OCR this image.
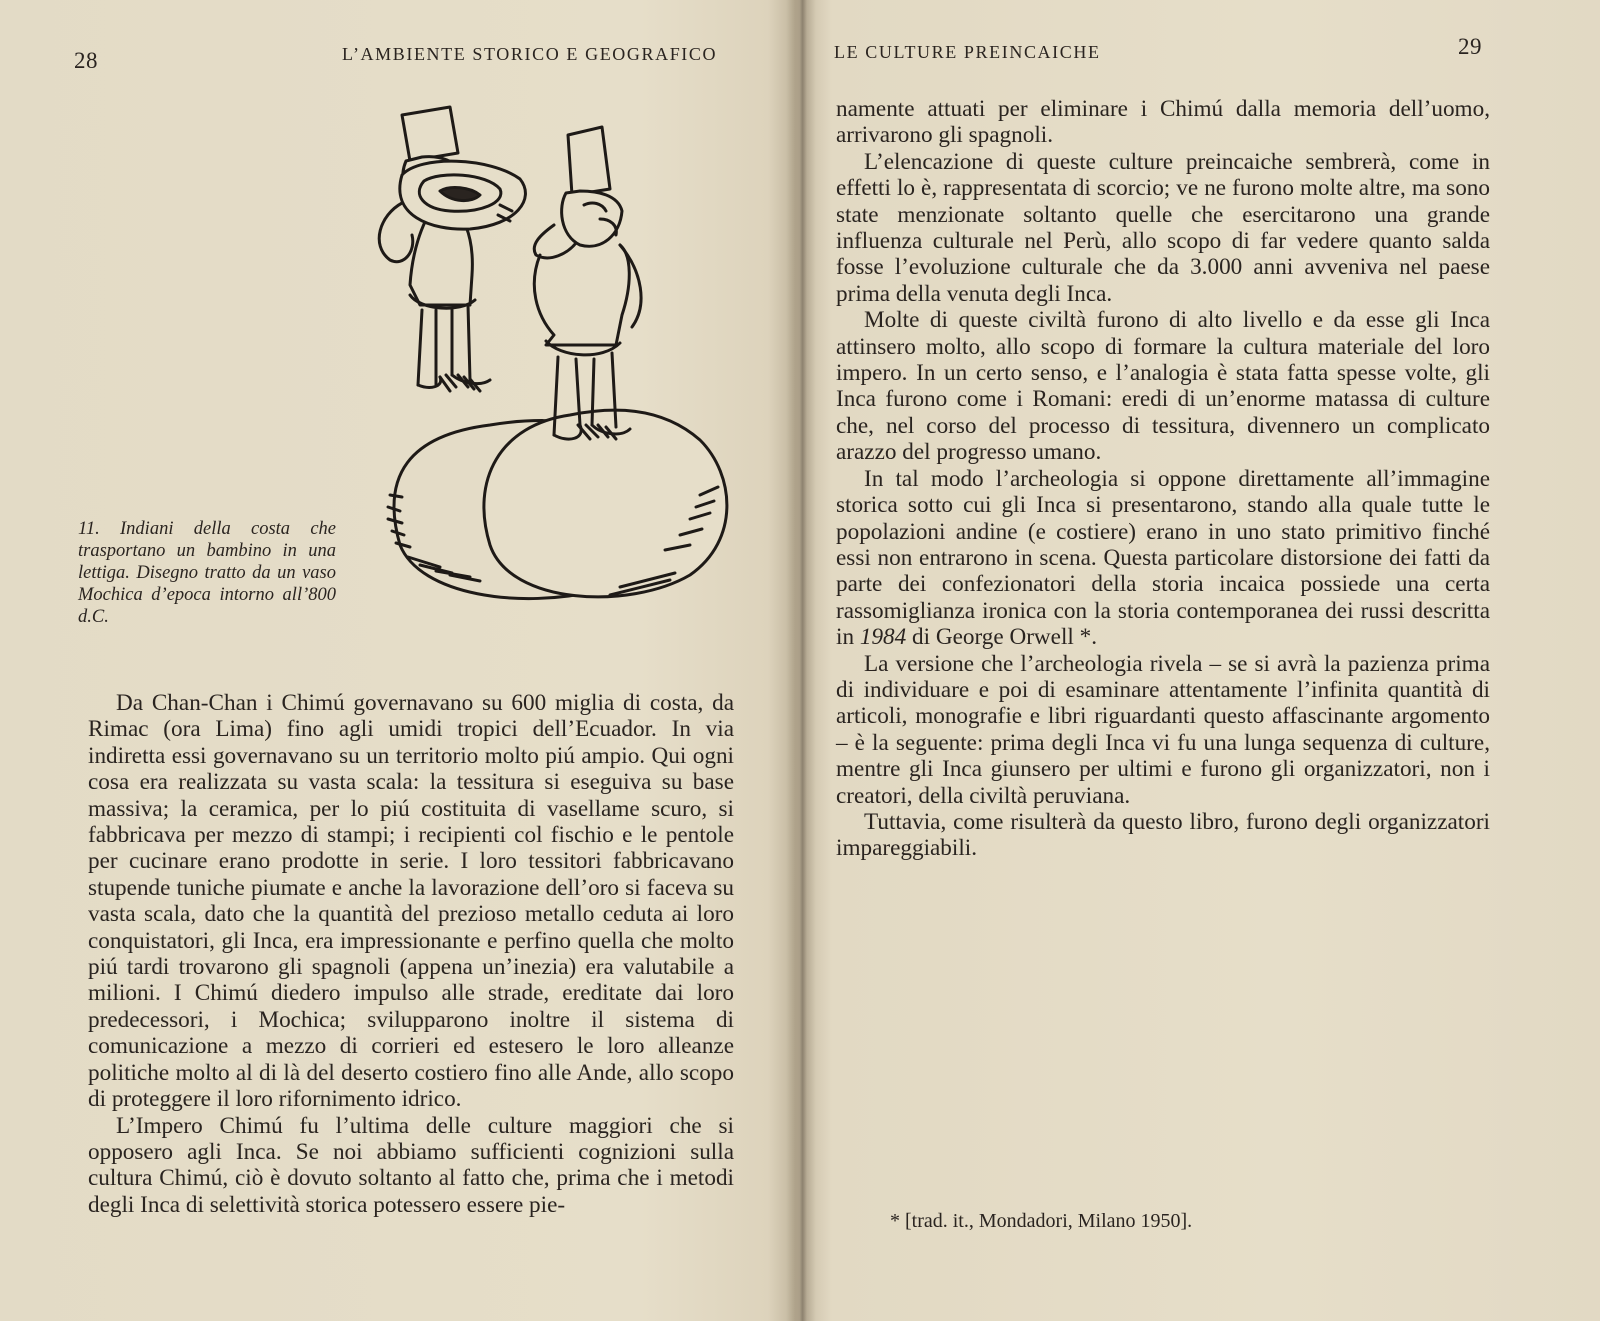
28	L’AMBIENTE STORICO E GEOGRAFICO
11. Indiani della costa che trasportano un bambino in una lettiga. Disegno tratto da un vaso Mochica d’epoca intorno all’800 d.C.

Da Chan-Chan i Chimú governavano su 600 miglia di costa, da Rimac (ora Lima) fino agli umidi tropici dell’Ecuador. In via indiretta essi governavano su un territorio molto piú ampio. Qui ogni cosa era realizzata su vasta scala: la tessitura si eseguiva su base massiva; la ceramica, per lo piú costituita di vasellame scuro, si fabbricava per mezzo di stampi; i recipienti col fischio e le pentole per cucinare erano prodotte in serie. I loro tessitori fabbricavano stupende tuniche piumate e anche la lavorazione dell’oro si faceva su vasta scala, dato che la quantità del prezioso metallo ceduta ai loro conquistatori, gli Inca, era impressionante e perfino quella che molto piú tardi trovarono gli spagnoli (appena un’inezia) era valutabile a milioni. I Chimú diedero impulso alle strade, ereditate dai loro predecessori, i Mochica; svilupparono inoltre il sistema di comunicazione a mezzo di corrieri ed estesero le loro alleanze politiche molto al di là del deserto costiero fino alle Ande, allo scopo di proteggere il loro rifornimento idrico.

L’Impero Chimú fu l’ultima delle culture maggiori che si opposero agli Inca. Se noi abbiamo sufficienti cognizioni sulla cultura Chimú, ciò è dovuto soltanto al fatto che, prima che i metodi degli Inca di selettività storica potessero essere pie-

LE CULTURE PREINCAICHE	29

namente attuati per eliminare i Chimú dalla memoria dell’uomo, arrivarono gli spagnoli.

L’elencazione di queste culture preincaiche sembrerà, come in effetti lo è, rappresentata di scorcio; ve ne furono molte altre, ma sono state menzionate soltanto quelle che esercitarono una grande influenza culturale nel Perù, allo scopo di far vedere quanto salda fosse l’evoluzione culturale che da 3.000 anni avveniva nel paese prima della venuta degli Inca.

Molte di queste civiltà furono di alto livello e da esse gli Inca attinsero molto, allo scopo di formare la cultura materiale del loro impero. In un certo senso, e l’analogia è stata fatta spesse volte, gli Inca furono come i Romani: eredi di un’enorme matassa di culture che, nel corso del processo di tessitura, divennero un complicato arazzo del progresso umano.

In tal modo l’archeologia si oppone direttamente all’immagine storica sotto cui gli Inca si presentarono, stando alla quale tutte le popolazioni andine (e costiere) erano in uno stato primitivo finché essi non entrarono in scena. Questa particolare distorsione dei fatti da parte dei confezionatori della storia incaica possiede una certa rassomiglianza ironica con la storia contemporanea dei russi descritta in 1984 di George Orwell *.

La versione che l’archeologia rivela – se si avrà la pazienza prima di individuare e poi di esaminare attentamente l’infinita quantità di articoli, monografie e libri riguardanti questo affascinante argomento – è la seguente: prima degli Inca vi fu una lunga sequenza di culture, mentre gli Inca giunsero per ultimi e furono gli organizzatori, non i creatori, della civiltà peruviana.

Tuttavia, come risulterà da questo libro, furono degli organizzatori impareggiabili.

* [trad. it., Mondadori, Milano 1950].
